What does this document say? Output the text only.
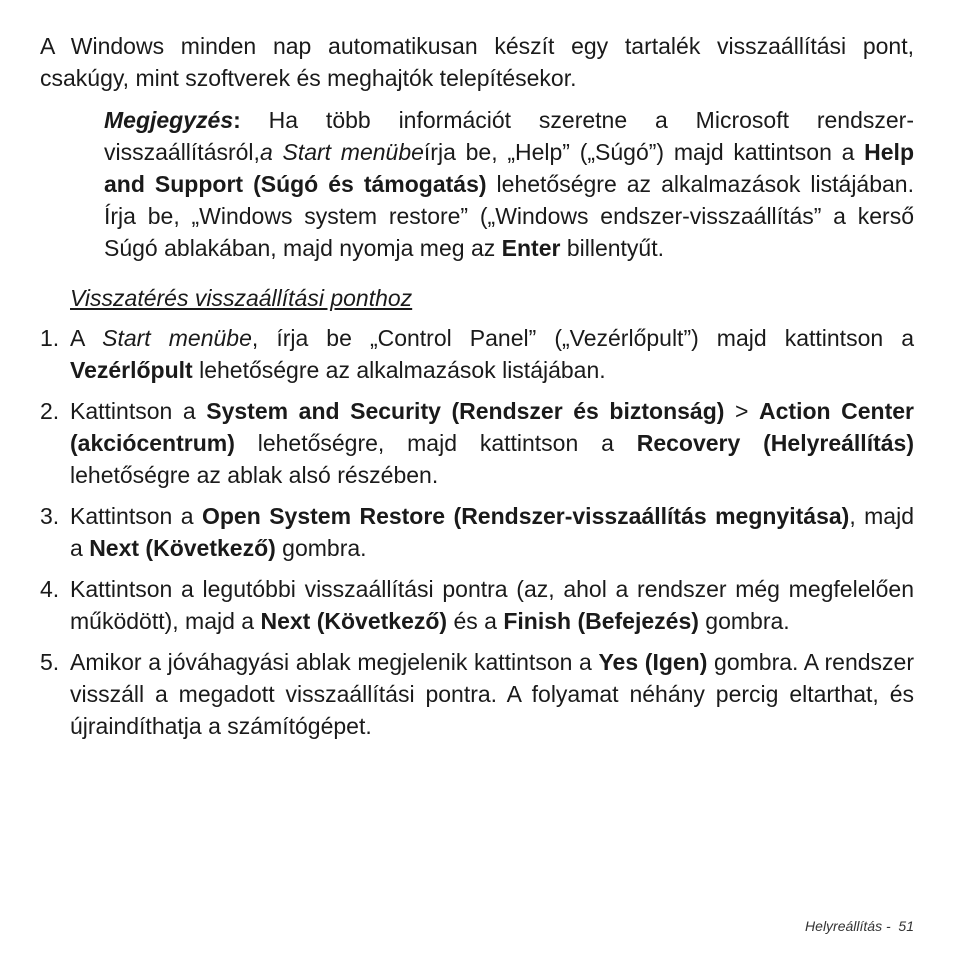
A Windows minden nap automatikusan készít egy tartalék visszaállítási pont, csakúgy, mint szoftverek és meghajtók telepítésekor.

Megjegyzés: Ha több információt szeretne a Microsoft rendszer-visszaállításról,a Start menübeírja be, „Help” („Súgó”) majd kattintson a Help and Support (Súgó és támogatás) lehetőségre az alkalmazások listájában. Írja be, „Windows system restore” („Windows endszer-visszaállítás” a kerső Súgó ablakában, majd nyomja meg az Enter billentyűt.

Visszatérés visszaállítási ponthoz
1. A Start menübe, írja be „Control Panel” („Vezérlőpult”) majd kattintson a Vezérlőpult lehetőségre az alkalmazások listájában.
2. Kattintson a System and Security (Rendszer és biztonság) > Action Center (akciócentrum) lehetőségre, majd kattintson a Recovery (Helyreállítás) lehetőségre az ablak alsó részében.
3. Kattintson a Open System Restore (Rendszer-visszaállítás megnyitása), majd a Next (Következő) gombra.
4. Kattintson a legutóbbi visszaállítási pontra (az, ahol a rendszer még megfelelően működött), majd a Next (Következő) és a Finish (Befejezés) gombra.
5. Amikor a jóváhagyási ablak megjelenik kattintson a Yes (Igen) gombra. A rendszer visszáll a megadott visszaállítási pontra. A folyamat néhány percig eltarthat, és újraindíthatja a számítógépet.
Helyreállítás - 51
